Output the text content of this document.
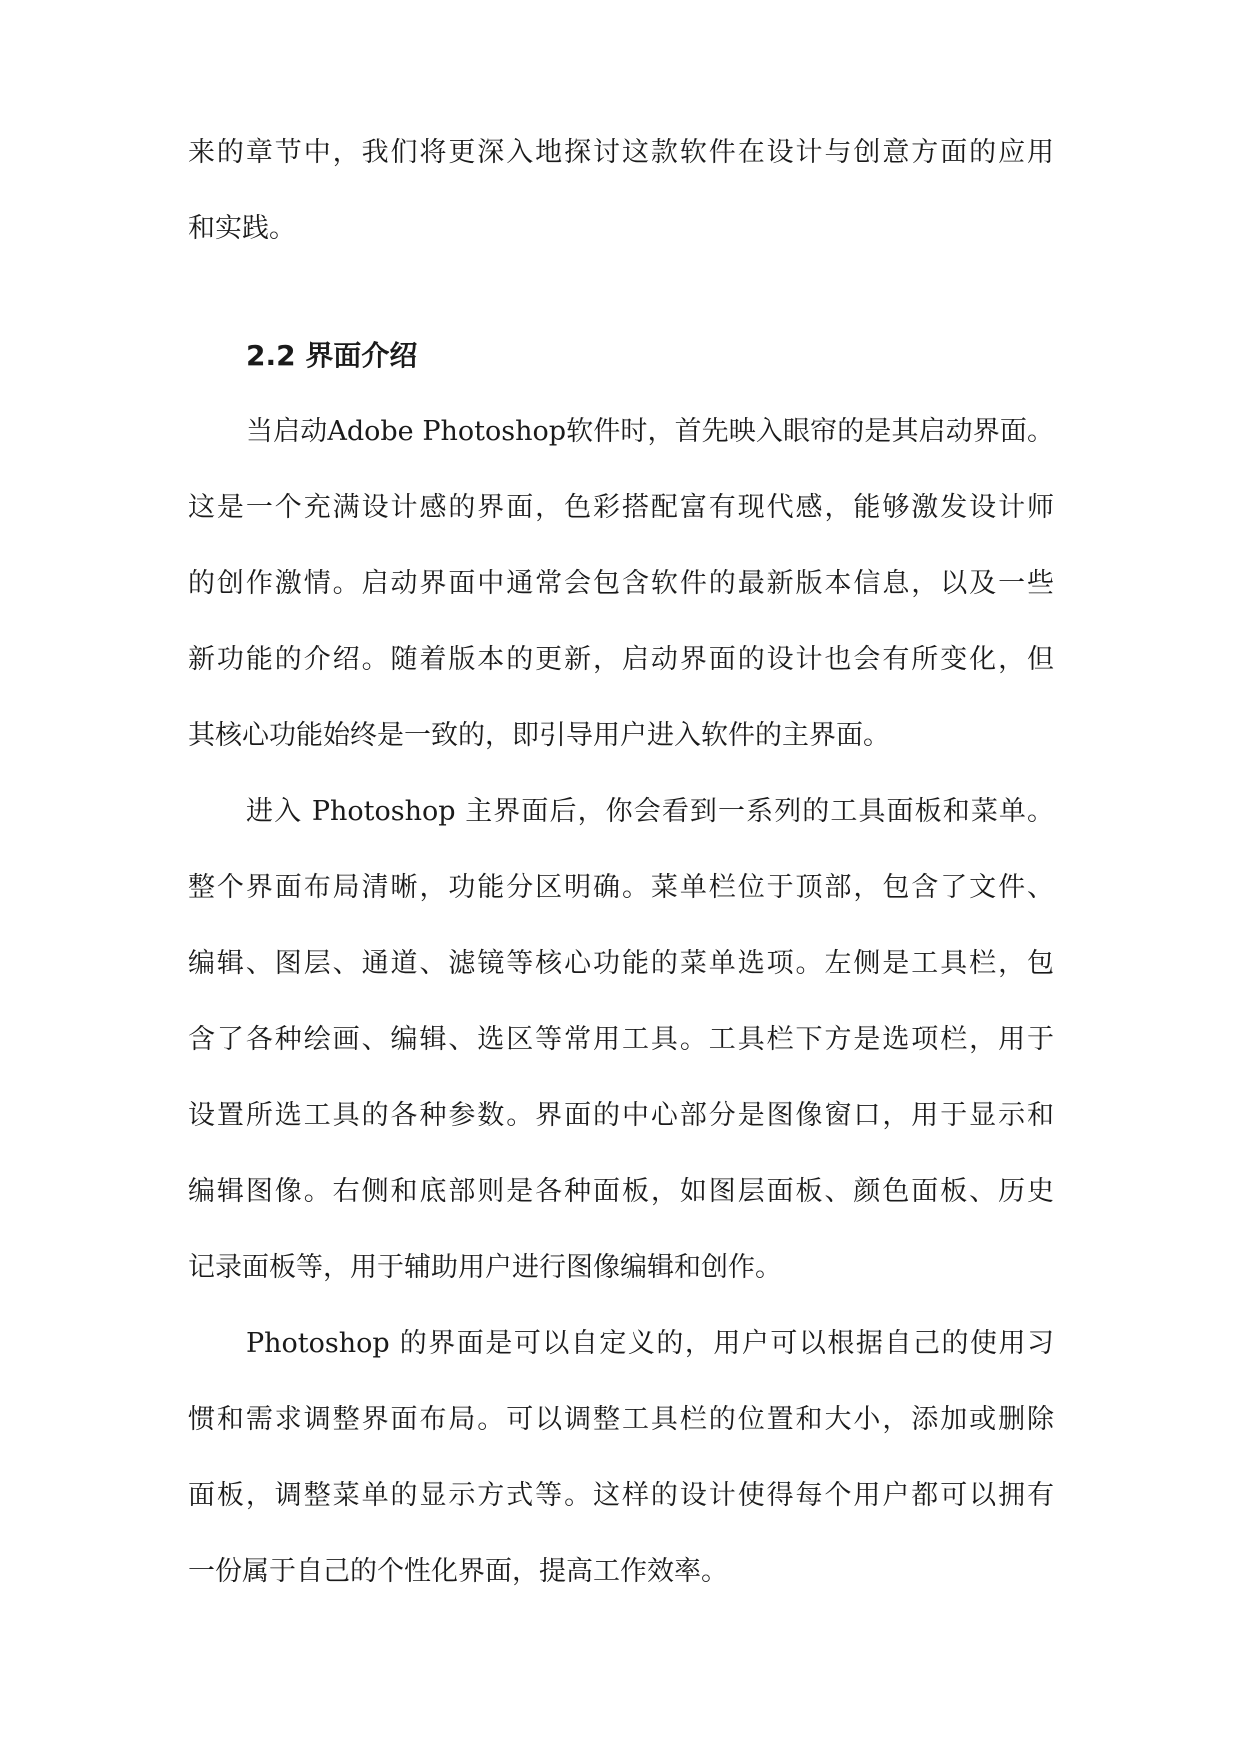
来的章节中，我们将更深入地探讨这款软件在设计与创意方面的应用
和实践。
2.2 界面介绍
当启动Adobe Photoshop软件时，首先映入眼帘的是其启动界面。
这是一个充满设计感的界面，色彩搭配富有现代感，能够激发设计师
的创作激情。启动界面中通常会包含软件的最新版本信息，以及一些
新功能的介绍。随着版本的更新，启动界面的设计也会有所变化，但
其核心功能始终是一致的，即引导用户进入软件的主界面。
进入 Photoshop 主界面后，你会看到一系列的工具面板和菜单。
整个界面布局清晰，功能分区明确。菜单栏位于顶部，包含了文件、
编辑、图层、通道、滤镜等核心功能的菜单选项。左侧是工具栏，包
含了各种绘画、编辑、选区等常用工具。工具栏下方是选项栏，用于
设置所选工具的各种参数。界面的中心部分是图像窗口，用于显示和
编辑图像。右侧和底部则是各种面板，如图层面板、颜色面板、历史
记录面板等，用于辅助用户进行图像编辑和创作。
Photoshop 的界面是可以自定义的，用户可以根据自己的使用习
惯和需求调整界面布局。可以调整工具栏的位置和大小，添加或删除
面板，调整菜单的显示方式等。这样的设计使得每个用户都可以拥有
一份属于自己的个性化界面，提高工作效率。
